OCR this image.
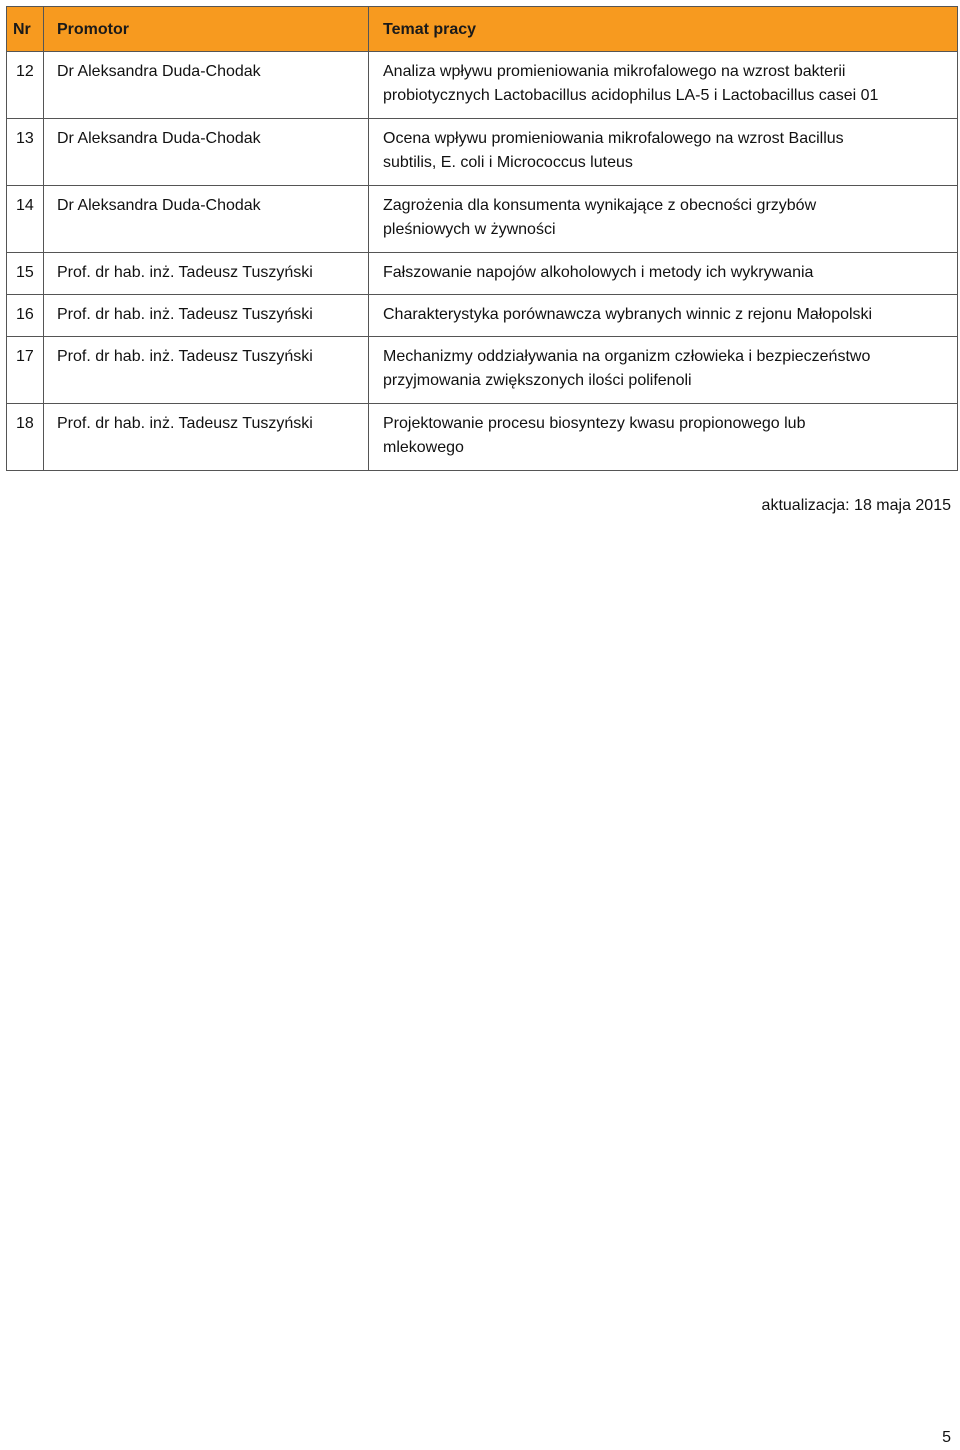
Nr	Promotor	Temat pracy
12	Dr Aleksandra Duda-Chodak	Analiza wpływu promieniowania mikrofalowego na wzrost bakterii
probiotycznych Lactobacillus acidophilus LA-5 i Lactobacillus casei 01

13	Dr Aleksandra Duda-Chodak	Ocena wpływu promieniowania mikrofalowego na wzrost Bacillus
subtilis, E. coli i Micrococcus luteus

14	Dr Aleksandra Duda-Chodak	Zagrożenia dla konsumenta wynikające z obecności grzybów
pleśniowych w żywności

15	Prof. dr hab. inż. Tadeusz Tuszyński	Fałszowanie napojów alkoholowych i metody ich wykrywania

16	Prof. dr hab. inż. Tadeusz Tuszyński	Charakterystyka porównawcza wybranych winnic z rejonu Małopolski

17	Prof. dr hab. inż. Tadeusz Tuszyński	Mechanizmy oddziaływania na organizm człowieka i bezpieczeństwo
przyjmowania zwiększonych ilości polifenoli

18	Prof. dr hab. inż. Tadeusz Tuszyński	Projektowanie procesu biosyntezy kwasu propionowego lub
mlekowego
aktualizacja: 18 maja 2015
5
